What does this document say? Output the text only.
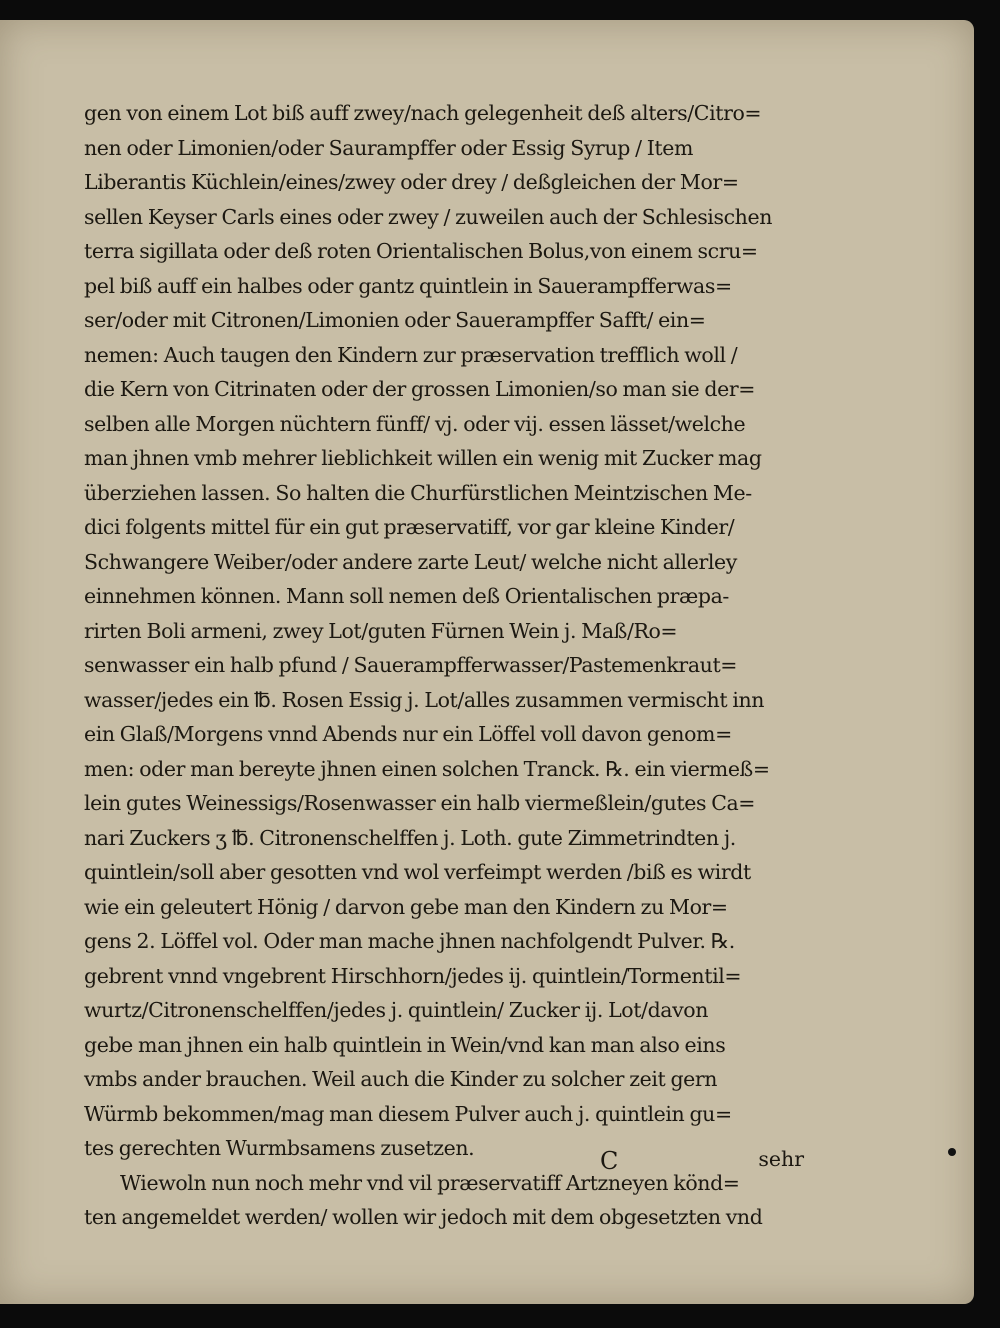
gen von einem Lot biß auff zwey/nach gelegenheit deß alters/Citro=
nen oder Limonien/oder Saurampffer oder Essig Syrup / Item
Liberantis Küchlein/eines/zwey oder drey / deßgleichen der Mor=
sellen Keyser Carls eines oder zwey / zuweilen auch der Schlesischen
terra sigillata oder deß roten Orientalischen Bolus,von einem scru=
pel biß auff ein halbes oder gantz quintlein in Sauerampfferwas=
ser/oder mit Citronen/Limonien oder Sauerampffer Safft/ ein=
nemen: Auch taugen den Kindern zur præservation trefflich woll /
die Kern von Citrinaten oder der grossen Limonien/so man sie der=
selben alle Morgen nüchtern fünff/ vj. oder vij. essen lässet/welche
man jhnen vmb mehrer lieblichkeit willen ein wenig mit Zucker mag
überziehen lassen. So halten die Churfürstlichen Meintzischen Me-
dici folgents mittel für ein gut præservatiff, vor gar kleine Kinder/
Schwangere Weiber/oder andere zarte Leut/ welche nicht allerley
einnehmen können. Mann soll nemen deß Orientalischen præpa-
rirten Boli armeni, zwey Lot/guten Fürnen Wein j. Maß/Ro=
senwasser ein halb pfund / Sauerampfferwasser/Pastemenkraut=
wasser/jedes ein ℔. Rosen Essig j. Lot/alles zusammen vermischt inn
ein Glaß/Morgens vnnd Abends nur ein Löffel voll davon genom=
men: oder man bereyte jhnen einen solchen Tranck. ℞. ein viermeß=
lein gutes Weinessigs/Rosenwasser ein halb viermeßlein/gutes Ca=
nari Zuckers ʒ ℔. Citronenschelffen j. Loth. gute Zimmetrindten j.
quintlein/soll aber gesotten vnd wol verfeimpt werden /biß es wirdt
wie ein geleutert Hönig / darvon gebe man den Kindern zu Mor=
gens 2. Löffel vol. Oder man mache jhnen nachfolgendt Pulver. ℞.
gebrent vnnd vngebrent Hirschhorn/jedes ij. quintlein/Tormentil=
wurtz/Citronenschelffen/jedes j. quintlein/ Zucker ij. Lot/davon
gebe man jhnen ein halb quintlein in Wein/vnd kan man also eins
vmbs ander brauchen. Weil auch die Kinder zu solcher zeit gern
Würmb bekommen/mag man diesem Pulver auch j. quintlein gu=
tes gerechten Wurmbsamens zusetzen.
Wiewoln nun noch mehr vnd vil præservatiff Artzneyen könd=
ten angemeldet werden/ wollen wir jedoch mit dem obgesetzten vnd
C	sehr
